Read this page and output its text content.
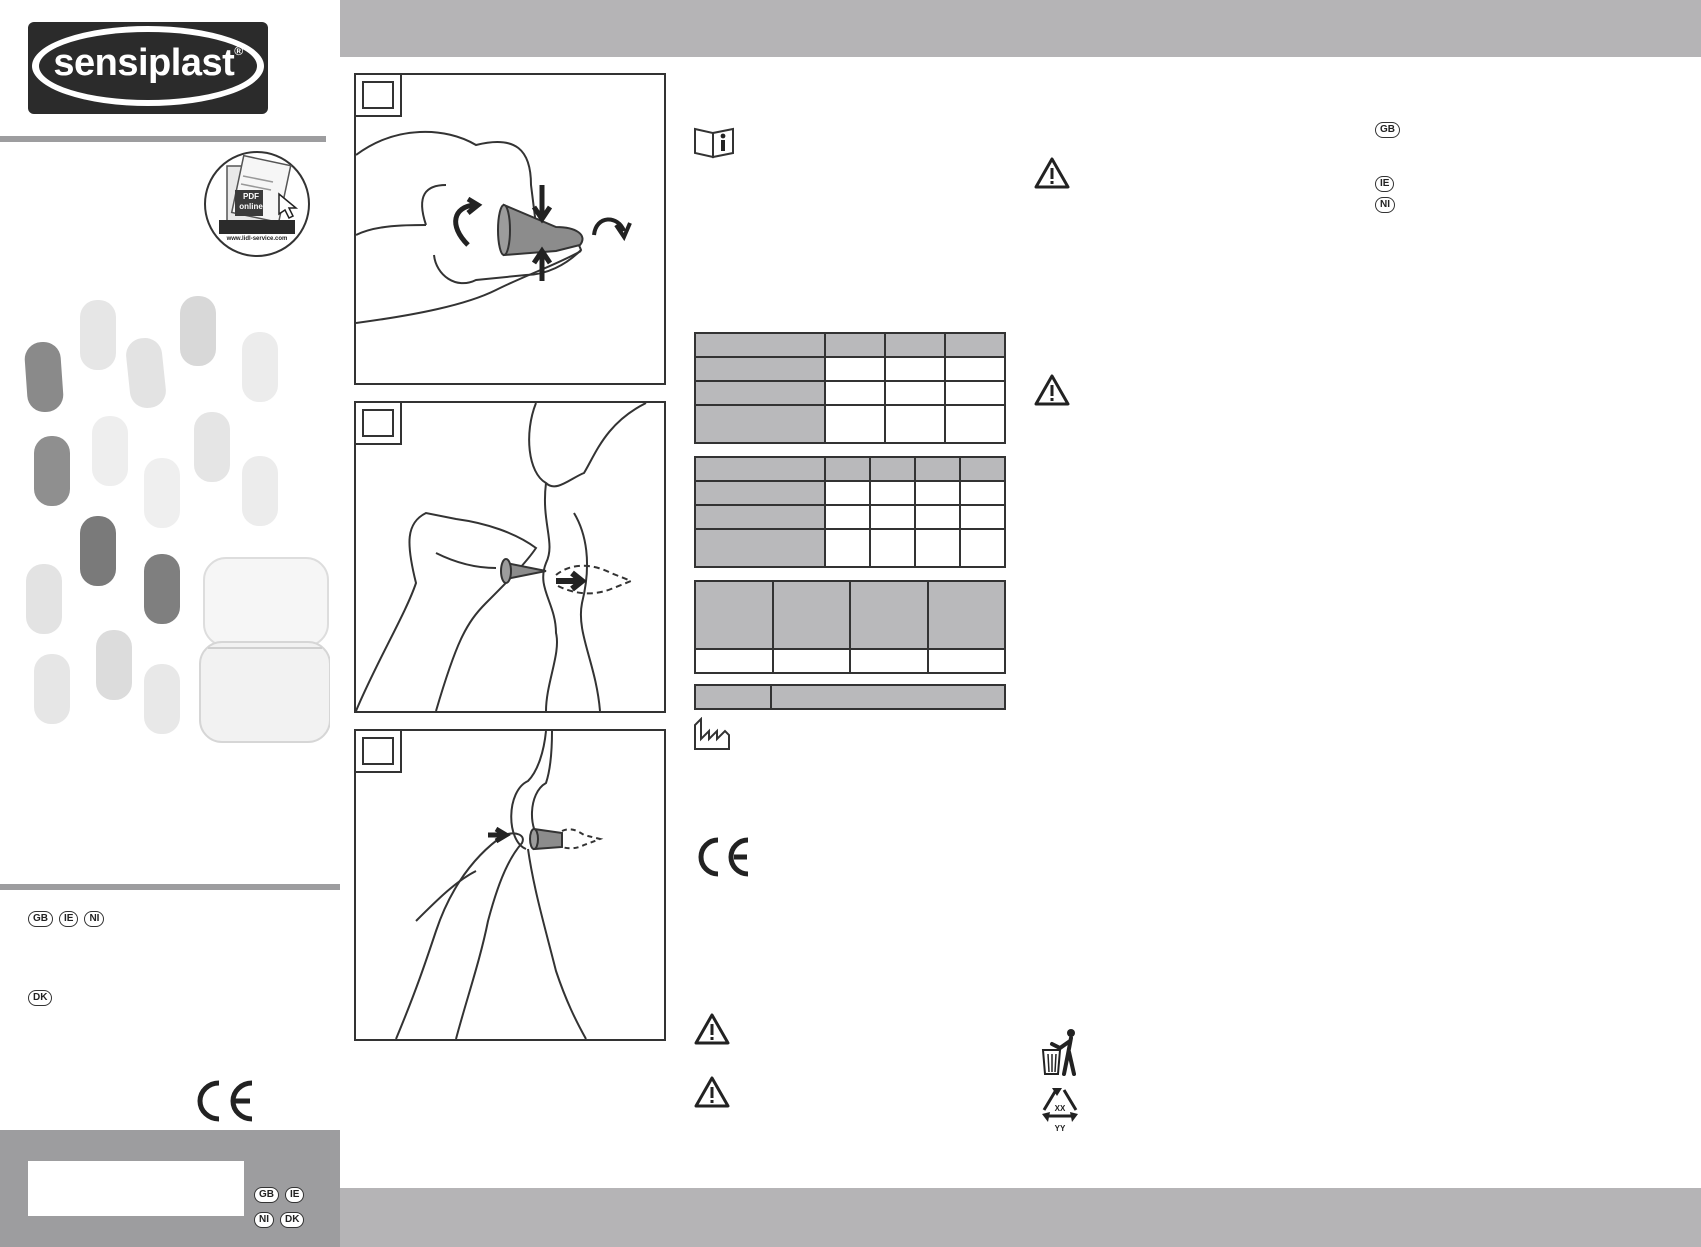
sensiplast®
PDF
online
www.lidl-service.com
GB IE NI
DK
GB IE
NI DK

XX
YY
GB
IE
NI
